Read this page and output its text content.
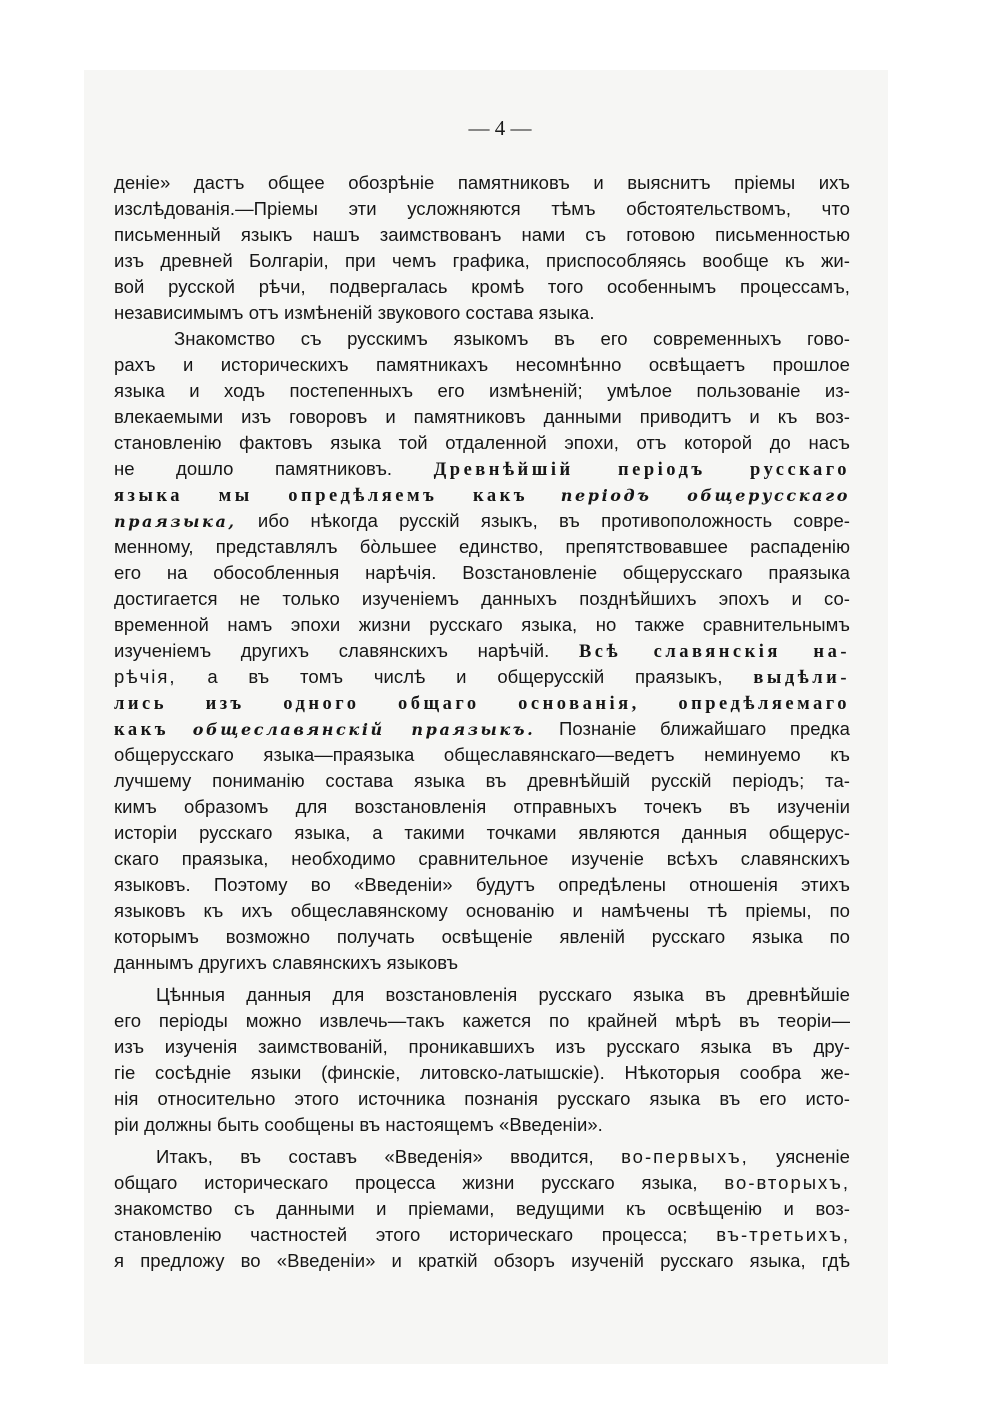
— 4 —
деніе» дастъ общее обозрѣніе памятниковъ и выяснитъ пріемы ихъ
изслѣдованія.—Пріемы эти усложняются тѣмъ обстоятельствомъ, что
письменный языкъ нашъ заимствованъ нами съ готовою письменностью
изъ древней Болгаріи, при чемъ графика, приспособляясь вообще къ жи-
вой русской рѣчи, подвергалась кромѣ того особеннымъ процессамъ,
независимымъ отъ измѣненій звукового состава языка.
Знакомство съ русскимъ языкомъ въ его современныхъ гово-
рахъ и историческихъ памятникахъ несомнѣнно освѣщаетъ прошлое
языка и ходъ постепенныхъ его измѣненій; умѣлое пользованіе из-
влекаемыми изъ говоровъ и памятниковъ данными приводитъ и къ воз-
становленію фактовъ языка той отдаленной эпохи, отъ которой до насъ
не дошло памятниковъ. Древнѣйшій періодъ русскаго
языка мы опредѣляемъ какъ періодъ общерусскаго
праязыка, ибо нѣкогда русскій языкъ, въ противоположность совре-
менному, представлялъ бо̀льшее единство, препятствовавшее распаденію
его на обособленныя нарѣчія. Возстановленіе общерусскаго праязыка
достигается не только изученіемъ данныхъ позднѣйшихъ эпохъ и со-
временной намъ эпохи жизни русскаго языка, но также сравнительнымъ
изученіемъ другихъ славянскихъ нарѣчій. Всѣ славянскія на-
рѣчія, а въ томъ числѣ и общерусскій праязыкъ, выдѣли-
лись изъ одного общаго основанія, опредѣляемаго
какъ общеславянскій праязыкъ. Познаніе ближайшаго предка
общерусскаго языка—праязыка общеславянскаго—ведетъ неминуемо къ
лучшему пониманію состава языка въ древнѣйшій русскій періодъ; та-
кимъ образомъ для возстановленія отправныхъ точекъ въ изученіи
исторіи русскаго языка, а такими точками являются данныя общерус-
скаго праязыка, необходимо сравнительное изученіе всѣхъ славянскихъ
языковъ. Поэтому во «Введеніи» будутъ опредѣлены отношенія этихъ
языковъ къ ихъ общеславянскому основанію и намѣчены тѣ пріемы, по
которымъ возможно получать освѣщеніе явленій русскаго языка по
даннымъ другихъ славянскихъ языковъ
Цѣнныя данныя для возстановленія русскаго языка въ древнѣйшіе
его періоды можно извлечь—такъ кажется по крайней мѣрѣ въ теоріи—
изъ изученія заимствованій, проникавшихъ изъ русскаго языка въ дру-
гіе сосѣдніе языки (финскіе, литовско-латышскіе). Нѣкоторыя сообра же-
нія относительно этого источника познанія русскаго языка въ его исто-
ріи должны быть сообщены въ настоящемъ «Введеніи».
Итакъ, въ составъ «Введенія» вводится, во-первыхъ, уясненіе
общаго историческаго процесса жизни русскаго языка, во-вторыхъ,
знакомство съ данными и пріемами, ведущими къ освѣщенію и воз-
становленію частностей этого историческаго процесса; въ-третьихъ,
я предложу во «Введеніи» и краткій обзоръ изученій русскаго языка, гдѣ
